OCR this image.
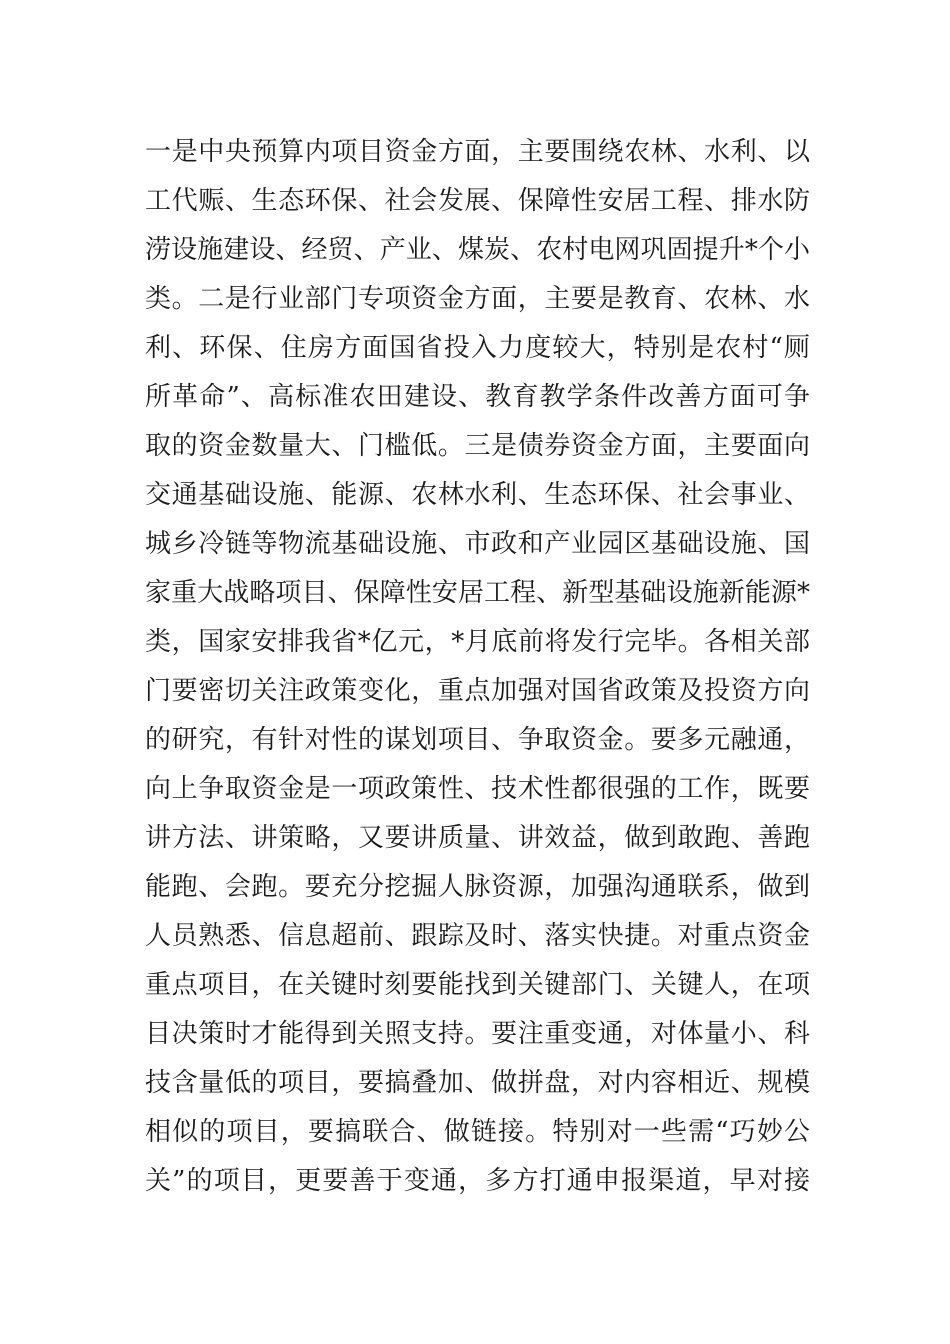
一是中央预算内项目资金方面，主要围绕农林、水利、以
工代赈、生态环保、社会发展、保障性安居工程、排水防
涝设施建设、经贸、产业、煤炭、农村电网巩固提升*个小
类。二是行业部门专项资金方面，主要是教育、农林、水
利、环保、住房方面国省投入力度较大，特别是农村“厕
所革命”、高标准农田建设、教育教学条件改善方面可争
取的资金数量大、门槛低。三是债券资金方面，主要面向
交通基础设施、能源、农林水利、生态环保、社会事业、
城乡冷链等物流基础设施、市政和产业园区基础设施、国
家重大战略项目、保障性安居工程、新型基础设施新能源*
类，国家安排我省*亿元，*月底前将发行完毕。各相关部
门要密切关注政策变化，重点加强对国省政策及投资方向
的研究，有针对性的谋划项目、争取资金。要多元融通，
向上争取资金是一项政策性、技术性都很强的工作，既要
讲方法、讲策略，又要讲质量、讲效益，做到敢跑、善跑
能跑、会跑。要充分挖掘人脉资源，加强沟通联系，做到
人员熟悉、信息超前、跟踪及时、落实快捷。对重点资金
重点项目，在关键时刻要能找到关键部门、关键人，在项
目决策时才能得到关照支持。要注重变通，对体量小、科
技含量低的项目，要搞叠加、做拼盘，对内容相近、规模
相似的项目，要搞联合、做链接。特别对一些需“巧妙公
关”的项目，更要善于变通，多方打通申报渠道，早对接
